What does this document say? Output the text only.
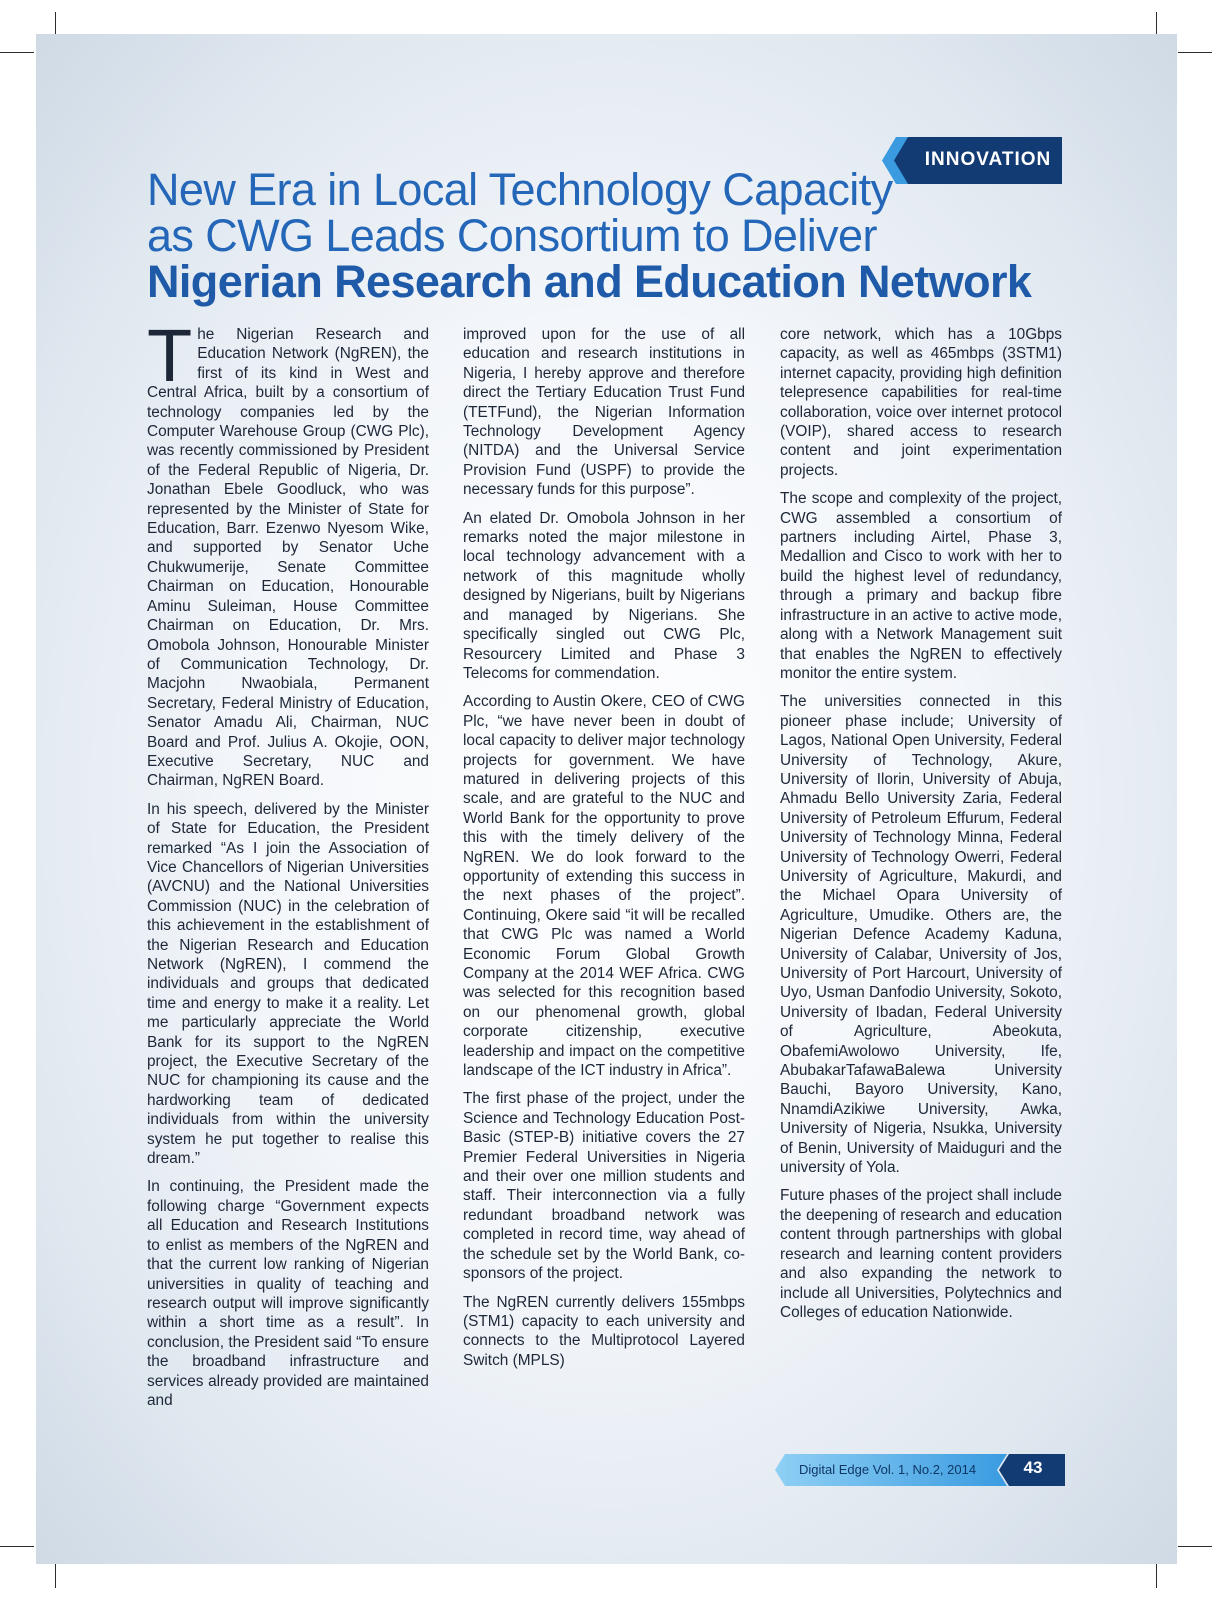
INNOVATION
New Era in Local Technology Capacity
as CWG Leads Consortium to Deliver
Nigerian Research and Education Network

The Nigerian Research and Education Network (NgREN), the first of its kind in West and Central Africa, built by a consortium of technology companies led by the Computer Warehouse Group (CWG Plc), was recently commissioned by President of the Federal Republic of Nigeria, Dr. Jonathan Ebele Goodluck, who was represented by the Minister of State for Education, Barr. Ezenwo Nyesom Wike, and supported by Senator Uche Chukwumerije, Senate Committee Chairman on Education, Honourable Aminu Suleiman, House Committee Chairman on Education, Dr. Mrs. Omobola Johnson, Honourable Minister of Communication Technology, Dr. Macjohn Nwaobiala, Permanent Secretary, Federal Ministry of Education, Senator Amadu Ali, Chairman, NUC Board and Prof. Julius A. Okojie, OON, Executive Secretary, NUC and Chairman, NgREN Board.

In his speech, delivered by the Minister of State for Education, the President remarked “As I join the Association of Vice Chancellors of Nigerian Universities (AVCNU) and the National Universities Commission (NUC) in the celebration of this achievement in the establishment of the Nigerian Research and Education Network (NgREN), I commend the individuals and groups that dedicated time and energy to make it a reality. Let me particularly appreciate the World Bank for its support to the NgREN project, the Executive Secretary of the NUC for championing its cause and the hardworking team of dedicated individuals from within the university system he put together to realise this dream.”

In continuing, the President made the following charge “Government expects all Education and Research Institutions to enlist as members of the NgREN and that the current low ranking of Nigerian universities in quality of teaching and research output will improve significantly within a short time as a result”. In conclusion, the President said “To ensure the broadband infrastructure and services already provided are maintained and

improved upon for the use of all education and research institutions in Nigeria, I hereby approve and therefore direct the Tertiary Education Trust Fund (TETFund), the Nigerian Information Technology Development Agency (NITDA) and the Universal Service Provision Fund (USPF) to provide the necessary funds for this purpose”.

An elated Dr. Omobola Johnson in her remarks noted the major milestone in local technology advancement with a network of this magnitude wholly designed by Nigerians, built by Nigerians and managed by Nigerians. She specifically singled out CWG Plc, Resourcery Limited and Phase 3 Telecoms for commendation.

According to Austin Okere, CEO of CWG Plc, “we have never been in doubt of local capacity to deliver major technology projects for government. We have matured in delivering projects of this scale, and are grateful to the NUC and World Bank for the opportunity to prove this with the timely delivery of the NgREN. We do look forward to the opportunity of extending this success in the next phases of the project”. Continuing, Okere said “it will be recalled that CWG Plc was named a World Economic Forum Global Growth Company at the 2014 WEF Africa. CWG was selected for this recognition based on our phenomenal growth, global corporate citizenship, executive leadership and impact on the competitive landscape of the ICT industry in Africa”.

The first phase of the project, under the Science and Technology Education Post-Basic (STEP-B) initiative covers the 27 Premier Federal Universities in Nigeria and their over one million students and staff. Their interconnection via a fully redundant broadband network was completed in record time, way ahead of the schedule set by the World Bank, co-sponsors of the project.

The NgREN currently delivers 155mbps (STM1) capacity to each university and connects to the Multiprotocol Layered Switch (MPLS)

core network, which has a 10Gbps capacity, as well as 465mbps (3STM1) internet capacity, providing high definition telepresence capabilities for real-time collaboration, voice over internet protocol (VOIP), shared access to research content and joint experimentation projects.

The scope and complexity of the project, CWG assembled a consortium of partners including Airtel, Phase 3, Medallion and Cisco to work with her to build the highest level of redundancy, through a primary and backup fibre infrastructure in an active to active mode, along with a Network Management suit that enables the NgREN to effectively monitor the entire system.

The universities connected in this pioneer phase include; University of Lagos, National Open University, Federal University of Technology, Akure, University of Ilorin, University of Abuja, Ahmadu Bello University Zaria, Federal University of Petroleum Effurum, Federal University of Technology Minna, Federal University of Technology Owerri, Federal University of Agriculture, Makurdi, and the Michael Opara University of Agriculture, Umudike. Others are, the Nigerian Defence Academy Kaduna, University of Calabar, University of Jos, University of Port Harcourt, University of Uyo, Usman Danfodio University, Sokoto, University of Ibadan, Federal University of Agriculture, Abeokuta, ObafemiAwolowo University, Ife, AbubakarTafawaBalewa University Bauchi, Bayoro University, Kano, NnamdiAzikiwe University, Awka, University of Nigeria, Nsukka, University of Benin, University of Maiduguri and the university of Yola.

Future phases of the project shall include the deepening of research and education content through partnerships with global research and learning content providers and also expanding the network to include all Universities, Polytechnics and Colleges of education Nationwide.

Digital Edge Vol. 1, No.2, 2014	43
